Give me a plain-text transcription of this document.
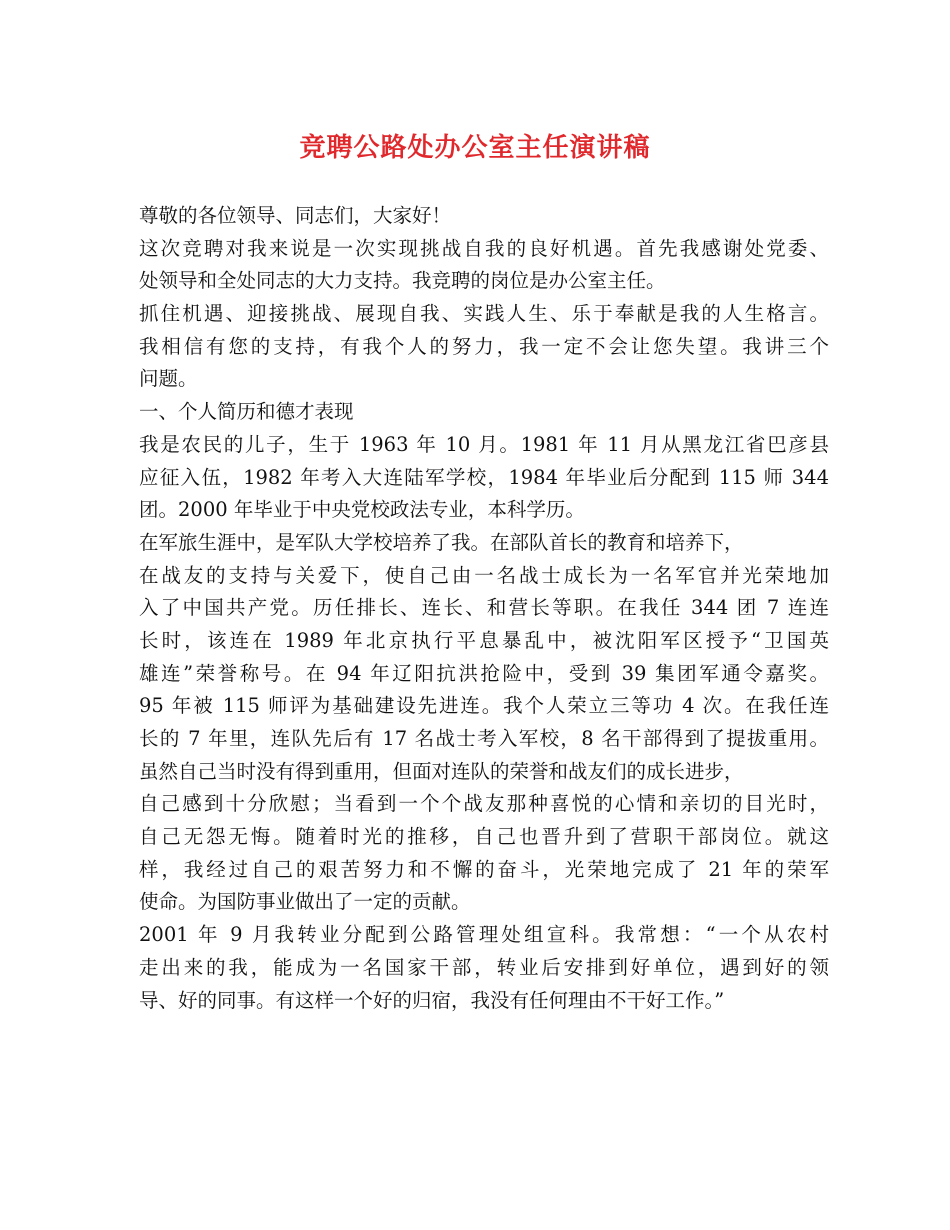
竞聘公路处办公室主任演讲稿
尊敬的各位领导、同志们，大家好！
这次竞聘对我来说是一次实现挑战自我的良好机遇。首先我感谢处党委、
处领导和全处同志的大力支持。我竞聘的岗位是办公室主任。
抓住机遇、迎接挑战、展现自我、实践人生、乐于奉献是我的人生格言。
我相信有您的支持，有我个人的努力，我一定不会让您失望。我讲三个
问题。
一、个人简历和德才表现
我是农民的儿子，生于 1963 年 10 月。1981 年 11 月从黑龙江省巴彦县
应征入伍，1982 年考入大连陆军学校，1984 年毕业后分配到 115 师 344
团。2000 年毕业于中央党校政法专业，本科学历。
在军旅生涯中，是军队大学校培养了我。在部队首长的教育和培养下，
在战友的支持与关爱下，使自己由一名战士成长为一名军官并光荣地加
入了中国共产党。历任排长、连长、和营长等职。在我任 344 团 7 连连
长时，该连在 1989 年北京执行平息暴乱中，被沈阳军区授予“卫国英
雄连”荣誉称号。在 94 年辽阳抗洪抢险中，受到 39 集团军通令嘉奖。
95 年被 115 师评为基础建设先进连。我个人荣立三等功 4 次。在我任连
长的 7 年里，连队先后有 17 名战士考入军校，8 名干部得到了提拔重用。
虽然自己当时没有得到重用，但面对连队的荣誉和战友们的成长进步，
自己感到十分欣慰；当看到一个个战友那种喜悦的心情和亲切的目光时，
自己无怨无悔。随着时光的推移，自己也晋升到了营职干部岗位。就这
样，我经过自己的艰苦努力和不懈的奋斗，光荣地完成了 21 年的荣军
使命。为国防事业做出了一定的贡献。
2001 年 9 月我转业分配到公路管理处组宣科。我常想：“一个从农村
走出来的我，能成为一名国家干部，转业后安排到好单位，遇到好的领
导、好的同事。有这样一个好的归宿，我没有任何理由不干好工作。”
